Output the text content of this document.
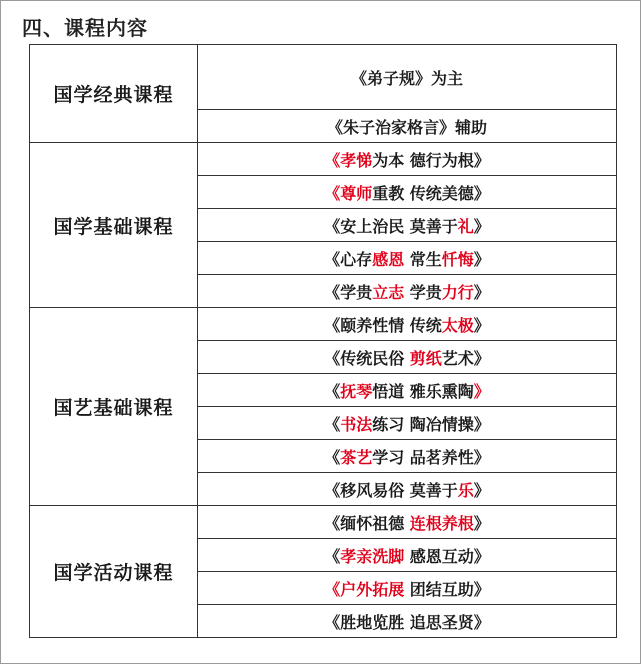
四、课程内容
国学经典课程	《弟子规》为主
	《朱子治家格言》辅助
国学基础课程	《孝悌为本 德行为根》
	《尊师重教 传统美德》
	《安上治民 莫善于礼》
	《心存感恩 常生忏悔》
	《学贵立志 学贵力行》
国艺基础课程	《颐养性情 传统太极》
	《传统民俗 剪纸艺术》
	《抚琴悟道 雅乐熏陶》
	《书法练习 陶冶情操》
	《茶艺学习 品茗养性》
	《移风易俗 莫善于乐》
国学活动课程	《缅怀祖德 连根养根》
	《孝亲洗脚 感恩互动》
	《户外拓展 团结互助》
	《胜地览胜 追思圣贤》
